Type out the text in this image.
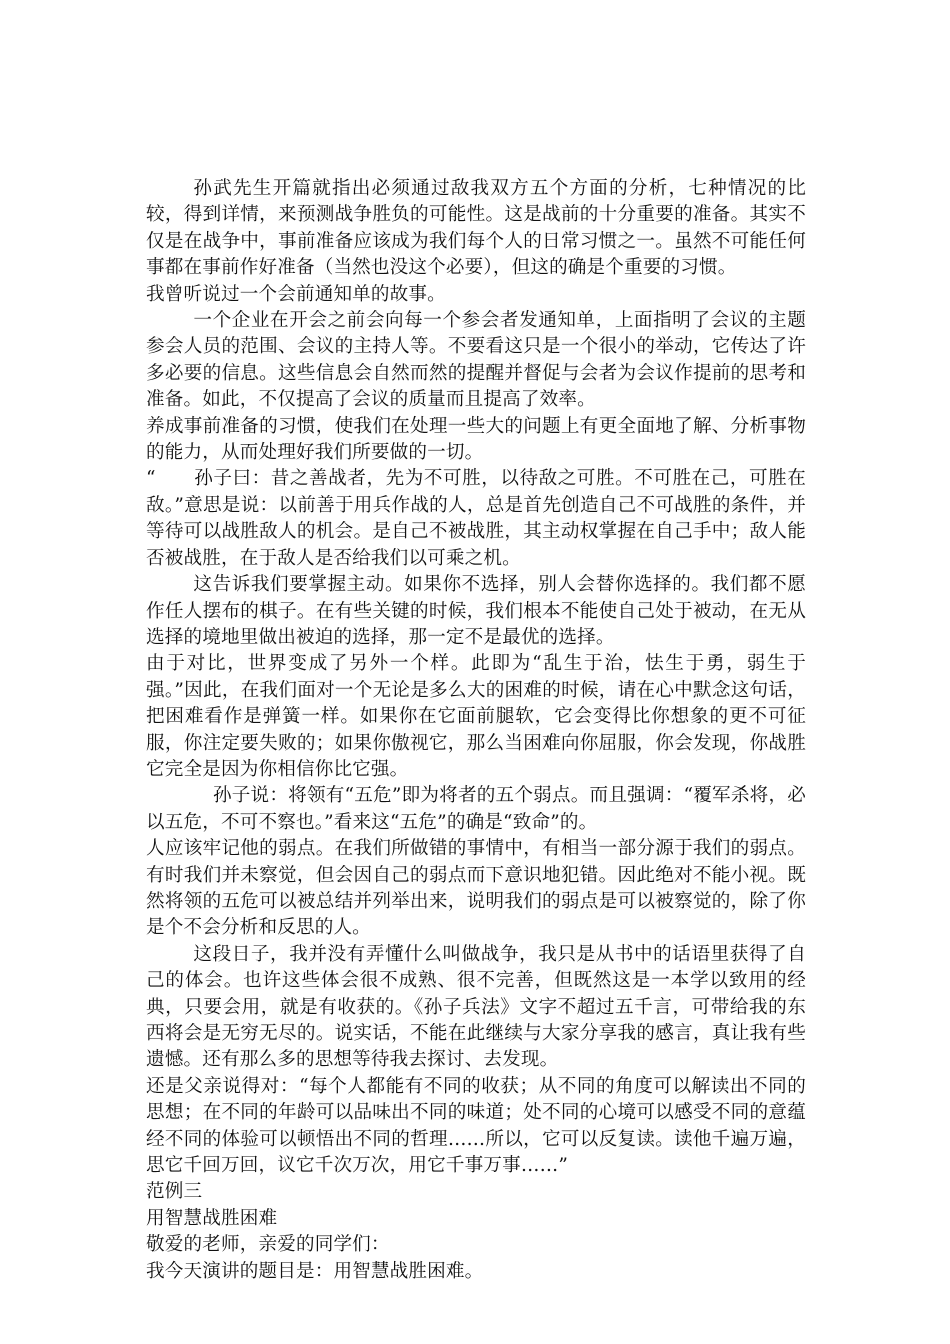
孙武先生开篇就指出必须通过敌我双方五个方面的分析，七种情况的比较，得到详情，来预测战争胜负的可能性。这是战前的十分重要的准备。其实不仅是在战争中，事前准备应该成为我们每个人的日常习惯之一。虽然不可能任何事都在事前作好准备（当然也没这个必要），但这的确是个重要的习惯。

我曾听说过一个会前通知单的故事。

一个企业在开会之前会向每一个参会者发通知单，上面指明了会议的主题参会人员的范围、会议的主持人等。不要看这只是一个很小的举动，它传达了许多必要的信息。这些信息会自然而然的提醒并督促与会者为会议作提前的思考和准备。如此，不仅提高了会议的质量而且提高了效率。

养成事前准备的习惯，使我们在处理一些大的问题上有更全面地了解、分析事物的能力，从而处理好我们所要做的一切。

“　　孙子曰：昔之善战者，先为不可胜，以待敌之可胜。不可胜在己，可胜在敌。”意思是说：以前善于用兵作战的人，总是首先创造自己不可战胜的条件，并等待可以战胜敌人的机会。是自己不被战胜，其主动权掌握在自己手中；敌人能否被战胜，在于敌人是否给我们以可乘之机。

这告诉我们要掌握主动。如果你不选择，别人会替你选择的。我们都不愿作任人摆布的棋子。在有些关键的时候，我们根本不能使自己处于被动，在无从选择的境地里做出被迫的选择，那一定不是最优的选择。

由于对比，世界变成了另外一个样。此即为“乱生于治，怯生于勇，弱生于强。”因此，在我们面对一个无论是多么大的困难的时候，请在心中默念这句话，把困难看作是弹簧一样。如果你在它面前腿软，它会变得比你想象的更不可征服，你注定要失败的；如果你傲视它，那么当困难向你屈服，你会发现，你战胜它完全是因为你相信你比它强。

孙子说：将领有“五危”即为将者的五个弱点。而且强调：“覆军杀将，必以五危，不可不察也。”看来这“五危”的确是“致命”的。

人应该牢记他的弱点。在我们所做错的事情中，有相当一部分源于我们的弱点。有时我们并未察觉，但会因自己的弱点而下意识地犯错。因此绝对不能小视。既然将领的五危可以被总结并列举出来，说明我们的弱点是可以被察觉的，除了你是个不会分析和反思的人。

这段日子，我并没有弄懂什么叫做战争，我只是从书中的话语里获得了自己的体会。也许这些体会很不成熟、很不完善，但既然这是一本学以致用的经典，只要会用，就是有收获的。《孙子兵法》文字不超过五千言，可带给我的东西将会是无穷无尽的。说实话，不能在此继续与大家分享我的感言，真让我有些遗憾。还有那么多的思想等待我去探讨、去发现。

还是父亲说得对：“每个人都能有不同的收获；从不同的角度可以解读出不同的思想；在不同的年龄可以品味出不同的味道；处不同的心境可以感受不同的意蕴经不同的体验可以顿悟出不同的哲理……所以，它可以反复读。读他千遍万遍，思它千回万回，议它千次万次，用它千事万事……”

范例三

用智慧战胜困难

敬爱的老师，亲爱的同学们：

我今天演讲的题目是：用智慧战胜困难。
